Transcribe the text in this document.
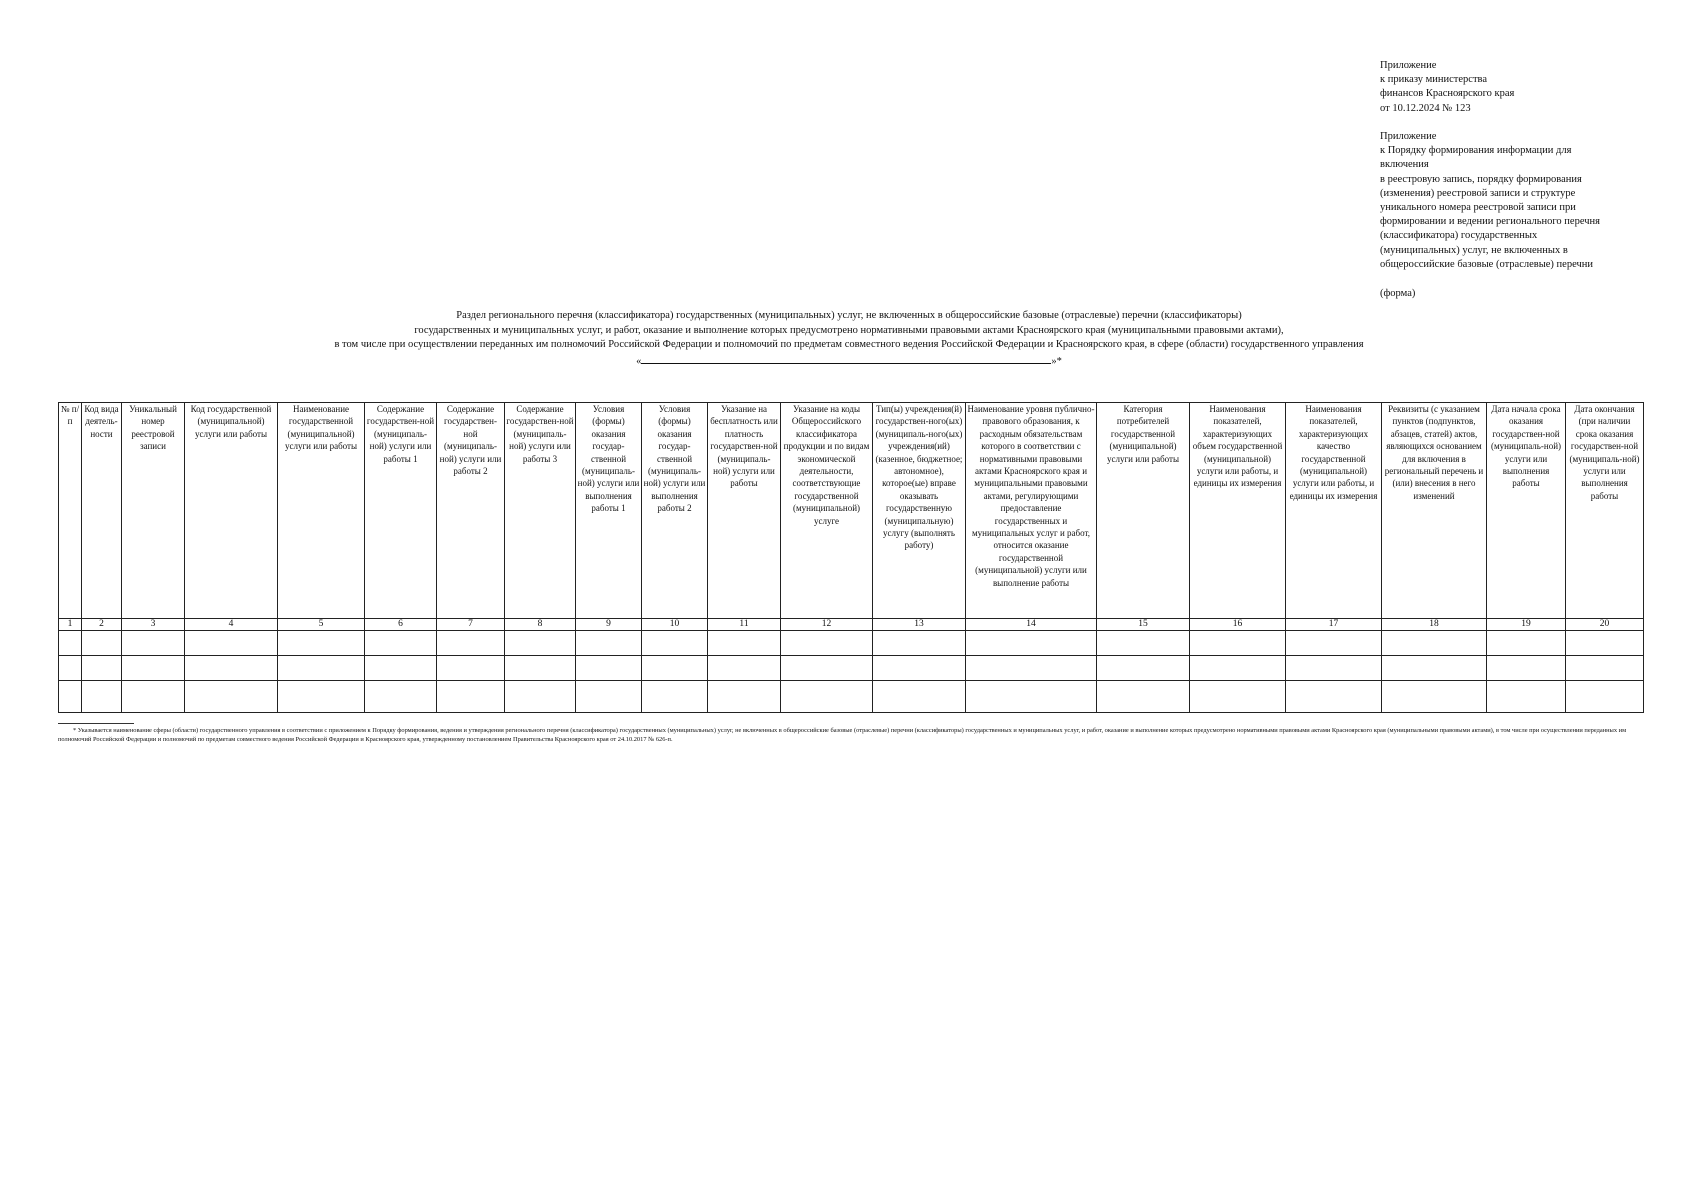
Приложение
к приказу министерства
финансов Красноярского края
от 10.12.2024 № 123
Приложение
к Порядку формирования информации для
включения
в реестровую запись, порядку формирования
(изменения) реестровой записи и структуре
уникального номера реестровой записи при
формировании и ведении регионального перечня
(классификатора) государственных
(муниципальных) услуг, не включенных в
общероссийские базовые (отраслевые) перечни
(форма)
Раздел регионального перечня (классификатора) государственных (муниципальных) услуг, не включенных в общероссийские базовые (отраслевые) перечни (классификаторы)
государственных и муниципальных услуг, и работ, оказание и выполнение которых предусмотрено нормативными правовыми актами Красноярского края (муниципальными правовыми актами),
в том числе при осуществлении переданных им полномочий Российской Федерации и полномочий по предметам совместного ведения Российской Федерации и Красноярского края, в сфере (области) государственного управления
«	»*
№ п/п	Код вида деятель-ности	Уникальный номер реестровой записи	Код государственной (муниципальной) услуги или работы	Наименование государственной (муниципальной) услуги или работы	Содержание государствен-ной (муниципаль-ной) услуги или работы 1	Содержание государствен-ной (муниципаль-ной) услуги или работы 2	Содержание государствен-ной (муниципаль-ной) услуги или работы 3	Условия (формы) оказания государ-ственной (муниципаль-ной) услуги или выполнения работы 1	Условия (формы) оказания государ-ственной (муниципаль-ной) услуги или выполнения работы 2	Указание на бесплатность или платность государствен-ной (муниципаль-ной) услуги или работы	Указание на коды Общероссийского классификатора продукции и по видам экономической деятельности, соответствующие государственной (муниципальной) услуге	Тип(ы) учреждения(й) государствен-ного(ых) (муниципаль-ного(ых) учреждения(ий) (казенное, бюджетное; автономное), которое(ые) вправе оказывать государственную (муниципальную) услугу (выполнять работу)	Наименование уровня публично-правового образования, к расходным обязательствам которого в соответствии с нормативными правовыми актами Красноярского края и муниципальными правовыми актами, регулирующими предоставление государственных и муниципальных услуг и работ, относится оказание государственной (муниципальной) услуги или выполнение работы	Категория потребителей государственной (муниципальной) услуги или работы	Наименования показателей, характеризующих объем государственной (муниципальной) услуги или работы, и единицы их измерения	Наименования показателей, характеризующих качество государственной (муниципальной) услуги или работы, и единицы их измерения	Реквизиты (с указанием пунктов (подпунктов, абзацев, статей) актов, являющихся основанием для включения в региональный перечень и (или) внесения в него изменений	Дата начала срока оказания государствен-ной (муниципаль-ной) услуги или выполнения работы	Дата окончания (при наличии срока оказания государствен-ной (муниципаль-ной) услуги или выполнения работы
1	2	3	4	5	6	7	8	9	10	11	12	13	14	15	16	17	18	19	20

* Указывается наименование сферы (области) государственного управления в соответствии с приложением к Порядку формирования, ведения и утверждения регионального перечня (классификатора) государственных (муниципальных) услуг, не включенных в общероссийские базовые (отраслевые) перечни (классификаторы) государственных и муниципальных услуг, и работ, оказание и выполнение которых предусмотрено нормативными правовыми актами Красноярского края (муниципальными правовыми актами), в том числе при осуществлении переданных им полномочий Российской Федерации и полномочий по предметам совместного ведения Российской Федерации и Красноярского края, утвержденному постановлением Правительства Красноярского края от 24.10.2017 № 626-п.
